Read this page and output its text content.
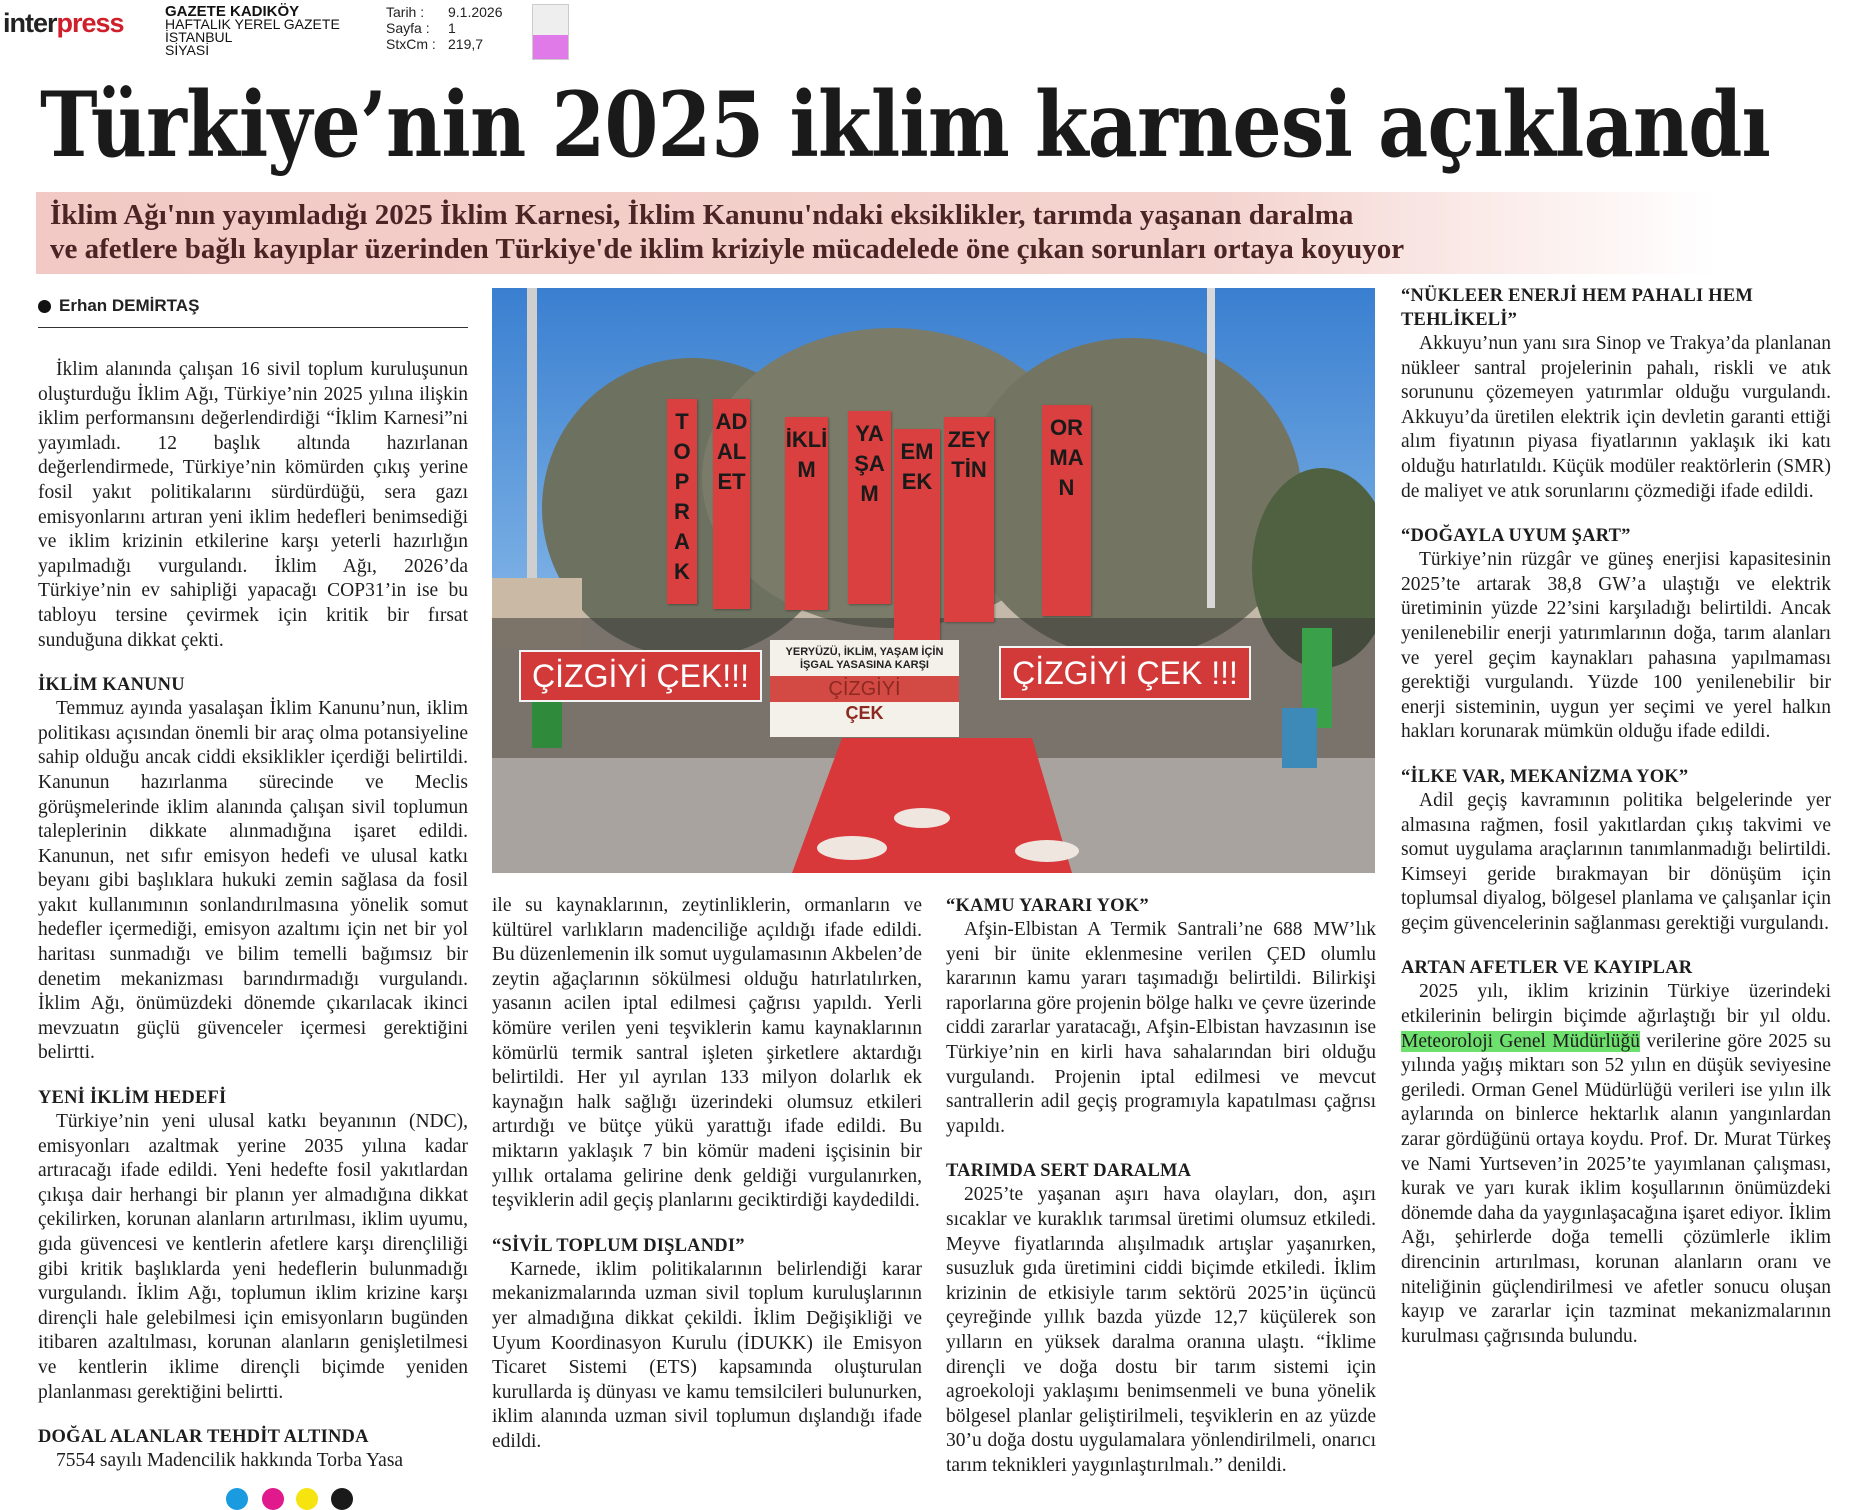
interpress	GAZETE KADIKÖY
HAFTALIK YEREL GAZETE
İSTANBUL
SİYASİ
Tarih : 9.1.2026
Sayfa : 1
StxCm : 219,7
Türkiye’nin 2025 iklim karnesi açıklandı
İklim Ağı'nın yayımladığı 2025 İklim Karnesi, İklim Kanunu'ndaki eksiklikler, tarımda yaşanan daralma
ve afetlere bağlı kayıplar üzerinden Türkiye'de iklim kriziyle mücadelede öne çıkan sorunları ortaya koyuyor
Erhan DEMİRTAŞ

İklim alanında çalışan 16 sivil toplum kuruluşunun oluşturduğu İklim Ağı, Türkiye’nin 2025 yılına ilişkin iklim performansını değerlendirdiği “İklim Karnesi”ni yayımladı. 12 başlık altında hazırlanan değerlendirmede, Türkiye’nin kömürden çıkış yerine fosil yakıt politikalarını sürdürdüğü, sera gazı emisyonlarını artıran yeni iklim hedefleri benimsediği ve iklim krizinin etkilerine karşı yeterli hazırlığın yapılmadığı vurgulandı. İklim Ağı, 2026’da Türkiye’nin ev sahipliği yapacağı COP31’in ise bu tabloyu tersine çevirmek için kritik bir fırsat sunduğuna dikkat çekti.

İKLİM KANUNU

Temmuz ayında yasalaşan İklim Kanunu’nun, iklim politikası açısından önemli bir araç olma potansiyeline sahip olduğu ancak ciddi eksiklikler içerdiği belirtildi. Kanunun hazırlanma sürecinde ve Meclis görüşmelerinde iklim alanında çalışan sivil toplumun taleplerinin dikkate alınmadığına işaret edildi. Kanunun, net sıfır emisyon hedefi ve ulusal katkı beyanı gibi başlıklara hukuki zemin sağlasa da fosil yakıt kullanımının sonlandırılmasına yönelik somut hedefler içermediği, emisyon azaltımı için net bir yol haritası sunmadığı ve bilim temelli bağımsız bir denetim mekanizması barındırmadığı vurgulandı. İklim Ağı, önümüzdeki dönemde çıkarılacak ikinci mevzuatın güçlü güvenceler içermesi gerektiğini belirtti.

YENİ İKLİM HEDEFİ

Türkiye’nin yeni ulusal katkı beyanının (NDC), emisyonları azaltmak yerine 2035 yılına kadar artıracağı ifade edildi. Yeni hedefte fosil yakıtlardan çıkışa dair herhangi bir planın yer almadığına dikkat çekilirken, korunan alanların artırılması, iklim uyumu, gıda güvencesi ve kentlerin afetlere karşı dirençliliği gibi kritik başlıklarda yeni hedeflerin bulunmadığı vurgulandı. İklim Ağı, toplumun iklim krizine karşı dirençli hale gelebilmesi için emisyonların bugünden itibaren azaltılması, korunan alanların genişletilmesi ve kentlerin iklime dirençli biçimde yeniden planlanması gerektiğini belirtti.

DOĞAL ALANLAR TEHDİT ALTINDA

7554 sayılı Madencilik hakkında Torba Yasa

TOPRAK
ADALET
İKLİM
YAŞAM
EMEK
ZEYTİN
ORMAN
ÇİZGİYİ ÇEK!!!
YERYÜZÜ, İKLİM, YAŞAM İÇİN
İŞGAL YASASINA KARŞI
ÇİZGİYİ
ÇEK
ÇİZGİYİ ÇEK !!!

ile su kaynaklarının, zeytinliklerin, ormanların ve kültürel varlıkların madenciliğe açıldığı ifade edildi. Bu düzenlemenin ilk somut uygulamasının Akbelen’de zeytin ağaçlarının sökülmesi olduğu hatırlatılırken, yasanın acilen iptal edilmesi çağrısı yapıldı. Yerli kömüre verilen yeni teşviklerin kamu kaynaklarının kömürlü termik santral işleten şirketlere aktardığı belirtildi. Her yıl ayrılan 133 milyon dolarlık ek kaynağın halk sağlığı üzerindeki olumsuz etkileri artırdığı ve bütçe yükü yarattığı ifade edildi. Bu miktarın yaklaşık 7 bin kömür madeni işçisinin bir yıllık ortalama gelirine denk geldiği vurgulanırken, teşviklerin adil geçiş planlarını geciktirdiği kaydedildi.

“SİVİL TOPLUM DIŞLANDI”

Karnede, iklim politikalarının belirlendiği karar mekanizmalarında uzman sivil toplum kuruluşlarının yer almadığına dikkat çekildi. İklim Değişikliği ve Uyum Koordinasyon Kurulu (İDUKK) ile Emisyon Ticaret Sistemi (ETS) kapsamında oluşturulan kurullarda iş dünyası ve kamu temsilcileri bulunurken, iklim alanında uzman sivil toplumun dışlandığı ifade edildi.

“KAMU YARARI YOK”

Afşin-Elbistan A Termik Santrali’ne 688 MW’lık yeni bir ünite eklenmesine verilen ÇED olumlu kararının kamu yararı taşımadığı belirtildi. Bilirkişi raporlarına göre projenin bölge halkı ve çevre üzerinde ciddi zararlar yaratacağı, Afşin-Elbistan havzasının ise Türkiye’nin en kirli hava sahalarından biri olduğu vurgulandı. Projenin iptal edilmesi ve mevcut santrallerin adil geçiş programıyla kapatılması çağrısı yapıldı.

TARIMDA SERT DARALMA

2025’te yaşanan aşırı hava olayları, don, aşırı sıcaklar ve kuraklık tarımsal üretimi olumsuz etkiledi. Meyve fiyatlarında alışılmadık artışlar yaşanırken, susuzluk gıda üretimini ciddi biçimde etkiledi. İklim krizinin de etkisiyle tarım sektörü 2025’in üçüncü çeyreğinde yıllık bazda yüzde 12,7 küçülerek son yılların en yüksek daralma oranına ulaştı. “İklime dirençli ve doğa dostu bir tarım sistemi için agroekoloji yaklaşımı benimsenmeli ve buna yönelik bölgesel planlar geliştirilmeli, teşviklerin en az yüzde 30’u doğa dostu uygulamalara yönlendirilmeli, onarıcı tarım teknikleri yaygınlaştırılmalı.” denildi.

“NÜKLEER ENERJİ HEM PAHALI HEM TEHLİKELİ”

Akkuyu’nun yanı sıra Sinop ve Trakya’da planlanan nükleer santral projelerinin pahalı, riskli ve atık sorununu çözemeyen yatırımlar olduğu vurgulandı. Akkuyu’da üretilen elektrik için devletin garanti ettiği alım fiyatının piyasa fiyatlarının yaklaşık iki katı olduğu hatırlatıldı. Küçük modüler reaktörlerin (SMR) de maliyet ve atık sorunlarını çözmediği ifade edildi.

“DOĞAYLA UYUM ŞART”

Türkiye’nin rüzgâr ve güneş enerjisi kapasitesinin 2025’te artarak 38,8 GW’a ulaştığı ve elektrik üretiminin yüzde 22’sini karşıladığı belirtildi. Ancak yenilenebilir enerji yatırımlarının doğa, tarım alanları ve yerel geçim kaynakları pahasına yapılmaması gerektiği vurgulandı. Yüzde 100 yenilenebilir bir enerji sisteminin, uygun yer seçimi ve yerel halkın hakları korunarak mümkün olduğu ifade edildi.

“İLKE VAR, MEKANİZMA YOK”

Adil geçiş kavramının politika belgelerinde yer almasına rağmen, fosil yakıtlardan çıkış takvimi ve somut uygulama araçlarının tanımlanmadığı belirtildi. Kimseyi geride bırakmayan bir dönüşüm için toplumsal diyalog, bölgesel planlama ve çalışanlar için geçim güvencelerinin sağlanması gerektiği vurgulandı.

ARTAN AFETLER VE KAYIPLAR

2025 yılı, iklim krizinin Türkiye üzerindeki etkilerinin belirgin biçimde ağırlaştığı bir yıl oldu. Meteoroloji Genel Müdürlüğü verilerine göre 2025 su yılında yağış miktarı son 52 yılın en düşük seviyesine geriledi. Orman Genel Müdürlüğü verileri ise yılın ilk aylarında on binlerce hektarlık alanın yangınlardan zarar gördüğünü ortaya koydu. Prof. Dr. Murat Türkeş ve Nami Yurtseven’in 2025’te yayımlanan çalışması, kurak ve yarı kurak iklim koşullarının önümüzdeki dönemde daha da yaygınlaşacağına işaret ediyor. İklim Ağı, şehirlerde doğa temelli çözümlerle iklim direncinin artırılması, korunan alanların oranı ve niteliğinin güçlendirilmesi ve afetler sonucu oluşan kayıp ve zararlar için tazminat mekanizmalarının kurulması çağrısında bulundu.
